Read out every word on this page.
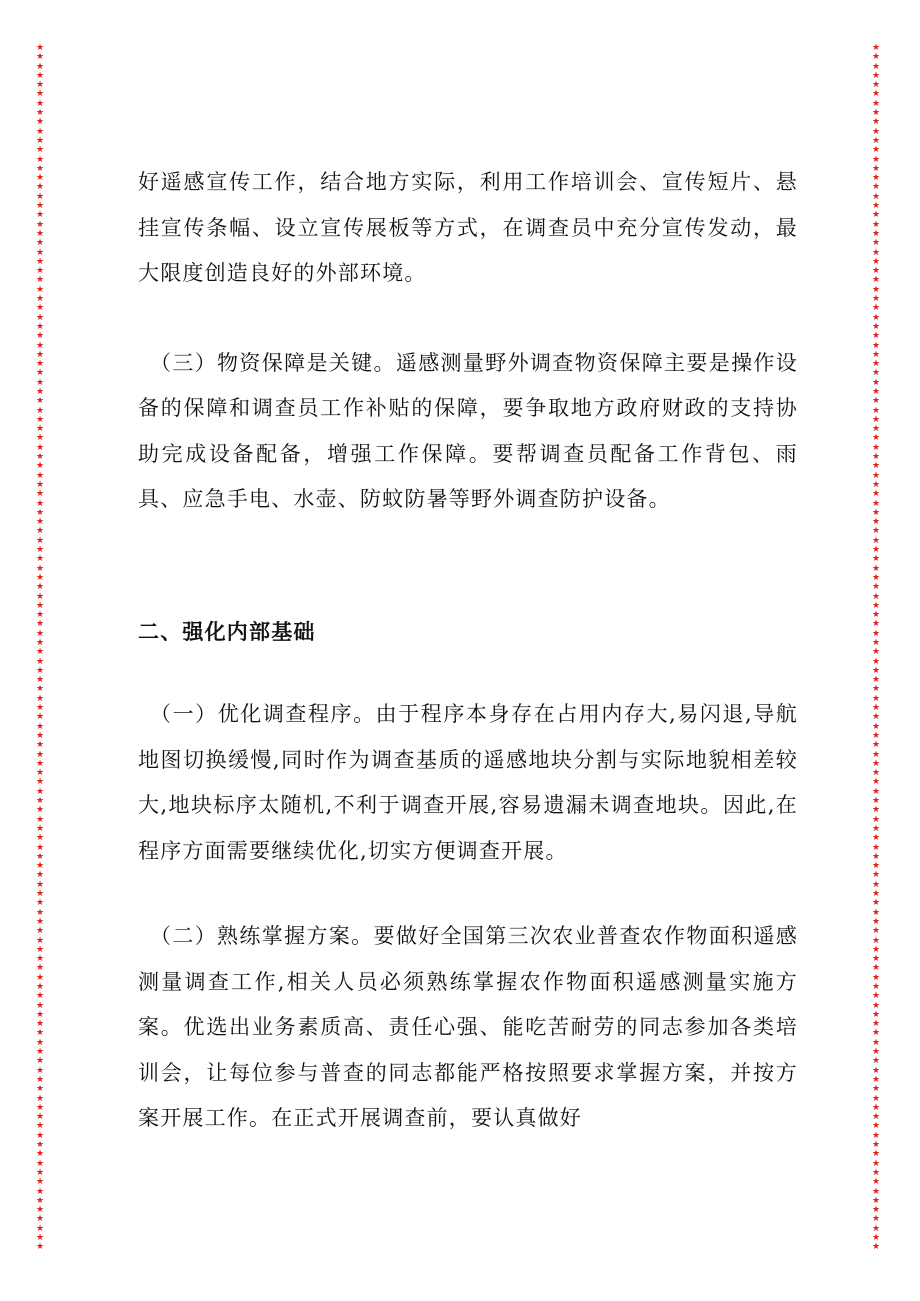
★
★
★
★
★
★
★
★
★
★
★
★
★
★
★
★
★
★
★
★
★
★
★
★
★
★
★
★
★
★
★
★
★
★
★
★
★
★
★
★
★
★
★
★
★
★
★
★
★
★
★
★
★
★
★
★
★
★
★
★
★
★
★
★
★
★
★
★
★
★
★
★
★
★
★
★
★
★
★
★
★
★
★
★
★
★
★
★
★
★
★
★
★
★
★
★
★
★
★
★
★
★
★
★
★
★
★
★
★
★
★
★
★
★
★
★
★
★
★
★
★
★
★
★
★
★
★
★
★
★
★
★
★
★
★
★
★
★
★
★
★
★
★
★
★
★
★
★
★
★
★
★
★
★
★
★
★
★
★
★
★
★
★
★
★
★
★
★
★
★
★
★
★
★
★
★
★
★
★
★
★
★
★
★
★
★
★
★
★
★
★
★
★
★
★
★
★
★
★
★
★
★
★
★
★
★
★
★
★
★
★
★
★
★
★
★
★
★
★
★
★
★
★
★
★
★
★
★
★
★
★
★
★
★
★
★
★
★
★
★
★
★
★
★
★
★
★
★
★
★
★
★
★
★
★
★
★
★
★
★

好遥感宣传工作，结合地方实际，利用工作培训会、宣传短片、悬挂宣传条幅、设立宣传展板等方式，在调查员中充分宣传发动，最大限度创造良好的外部环境。

（三）物资保障是关键。遥感测量野外调查物资保障主要是操作设备的保障和调查员工作补贴的保障，要争取地方政府财政的支持协助完成设备配备，增强工作保障。要帮调查员配备工作背包、雨具、应急手电、水壶、防蚊防暑等野外调查防护设备。

二、强化内部基础

（一）优化调查程序。由于程序本身存在占用内存大,易闪退,导航地图切换缓慢,同时作为调查基质的遥感地块分割与实际地貌相差较大,地块标序太随机,不利于调查开展,容易遗漏未调查地块。因此,在程序方面需要继续优化,切实方便调查开展。

（二）熟练掌握方案。要做好全国第三次农业普查农作物面积遥感测量调查工作,相关人员必须熟练掌握农作物面积遥感测量实施方案。优选出业务素质高、责任心强、能吃苦耐劳的同志参加各类培训会，让每位参与普查的同志都能严格按照要求掌握方案，并按方案开展工作。在正式开展调查前，要认真做好
